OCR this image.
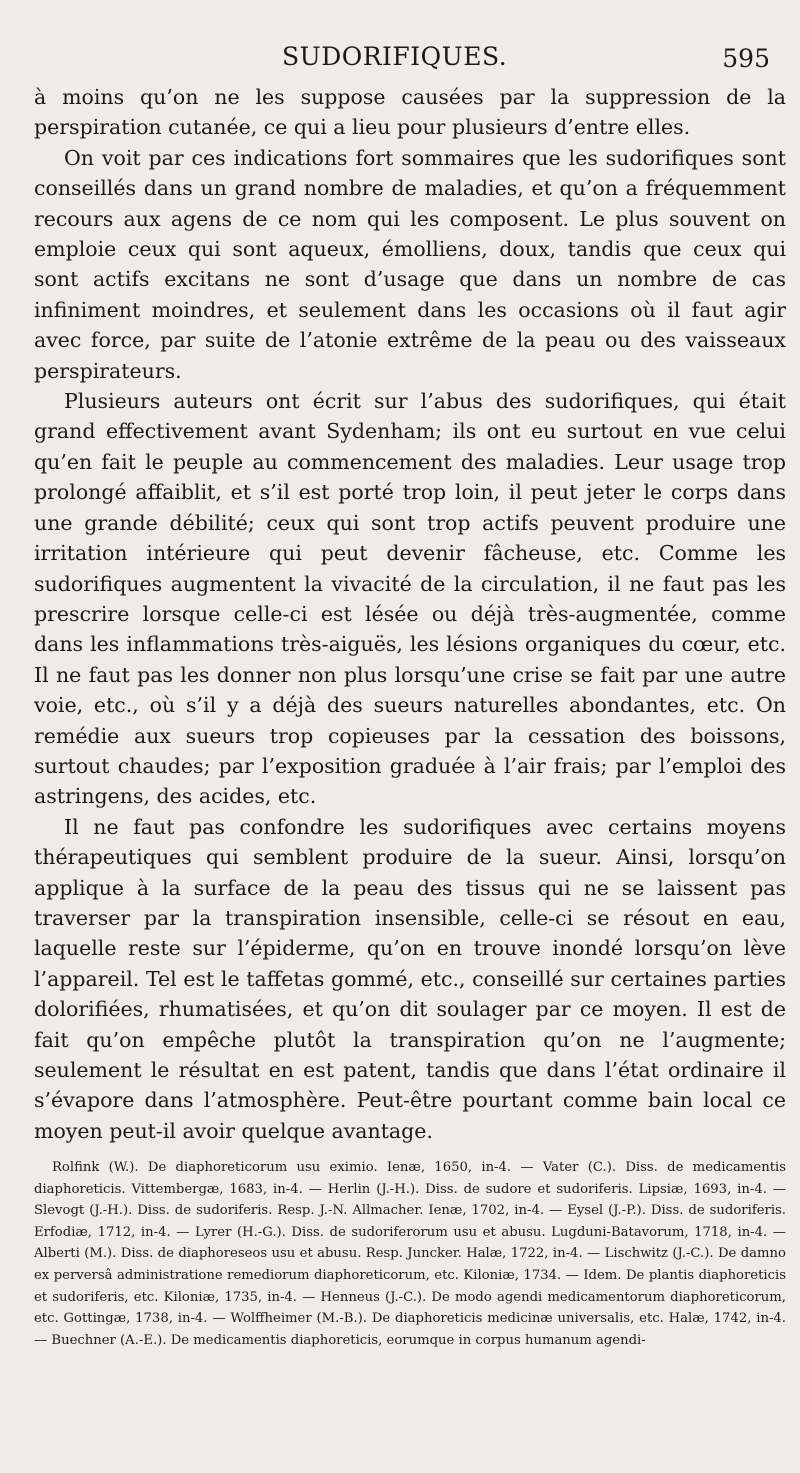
SUDORIFIQUES.	595

à moins qu’on ne les suppose causées par la suppression de la perspiration cutanée, ce qui a lieu pour plusieurs d’entre elles.

On voit par ces indications fort sommaires que les sudorifiques sont conseillés dans un grand nombre de maladies, et qu’on a fréquemment recours aux agens de ce nom qui les composent. Le plus souvent on emploie ceux qui sont aqueux, émolliens, doux, tandis que ceux qui sont actifs excitans ne sont d’usage que dans un nombre de cas infiniment moindres, et seulement dans les occasions où il faut agir avec force, par suite de l’atonie extrême de la peau ou des vaisseaux perspirateurs.

Plusieurs auteurs ont écrit sur l’abus des sudorifiques, qui était grand effectivement avant Sydenham; ils ont eu surtout en vue celui qu’en fait le peuple au commencement des maladies. Leur usage trop prolongé affaiblit, et s’il est porté trop loin, il peut jeter le corps dans une grande débilité; ceux qui sont trop actifs peuvent produire une irritation intérieure qui peut devenir fâcheuse, etc. Comme les sudorifiques augmentent la vivacité de la circulation, il ne faut pas les prescrire lorsque celle-ci est lésée ou déjà très-augmentée, comme dans les inflammations très-aiguës, les lésions organiques du cœur, etc. Il ne faut pas les donner non plus lorsqu’une crise se fait par une autre voie, etc., où s’il y a déjà des sueurs naturelles abondantes, etc. On remédie aux sueurs trop copieuses par la cessation des boissons, surtout chaudes; par l’exposition graduée à l’air frais; par l’emploi des astringens, des acides, etc.

Il ne faut pas confondre les sudorifiques avec certains moyens thérapeutiques qui semblent produire de la sueur. Ainsi, lorsqu’on applique à la surface de la peau des tissus qui ne se laissent pas traverser par la transpiration insensible, celle-ci se résout en eau, laquelle reste sur l’épiderme, qu’on en trouve inondé lorsqu’on lève l’appareil. Tel est le taffetas gommé, etc., conseillé sur certaines parties dolorifiées, rhumatisées, et qu’on dit soulager par ce moyen. Il est de fait qu’on empêche plutôt la transpiration qu’on ne l’augmente; seulement le résultat en est patent, tandis que dans l’état ordinaire il s’évapore dans l’atmosphère. Peut-être pourtant comme bain local ce moyen peut-il avoir quelque avantage.

Rolfink (W.). De diaphoreticorum usu eximio. Ienæ, 1650, in-4. — Vater (C.). Diss. de medicamentis diaphoreticis. Vittembergæ, 1683, in-4. — Herlin (J.-H.). Diss. de sudore et sudoriferis. Lipsiæ, 1693, in-4. — Slevogt (J.-H.). Diss. de sudoriferis. Resp. J.-N. Allmacher. Ienæ, 1702, in-4. — Eysel (J.-P.). Diss. de sudoriferis. Erfodiæ, 1712, in-4. — Lyrer (H.-G.). Diss. de sudoriferorum usu et abusu. Lugduni-Batavorum, 1718, in-4. — Alberti (M.). Diss. de diaphoreseos usu et abusu. Resp. Juncker. Halæ, 1722, in-4. — Lischwitz (J.-C.). De damno ex perversâ administratione remediorum diaphoreticorum, etc. Kiloniæ, 1734. — Idem. De plantis diaphoreticis et sudoriferis, etc. Kiloniæ, 1735, in-4. — Henneus (J.-C.). De modo agendi medicamentorum diaphoreticorum, etc. Gottingæ, 1738, in-4. — Wolffheimer (M.-B.). De diaphoreticis medicinæ universalis, etc. Halæ, 1742, in-4. — Buechner (A.-E.). De medicamentis diaphoreticis, eorumque in corpus humanum agendi-
